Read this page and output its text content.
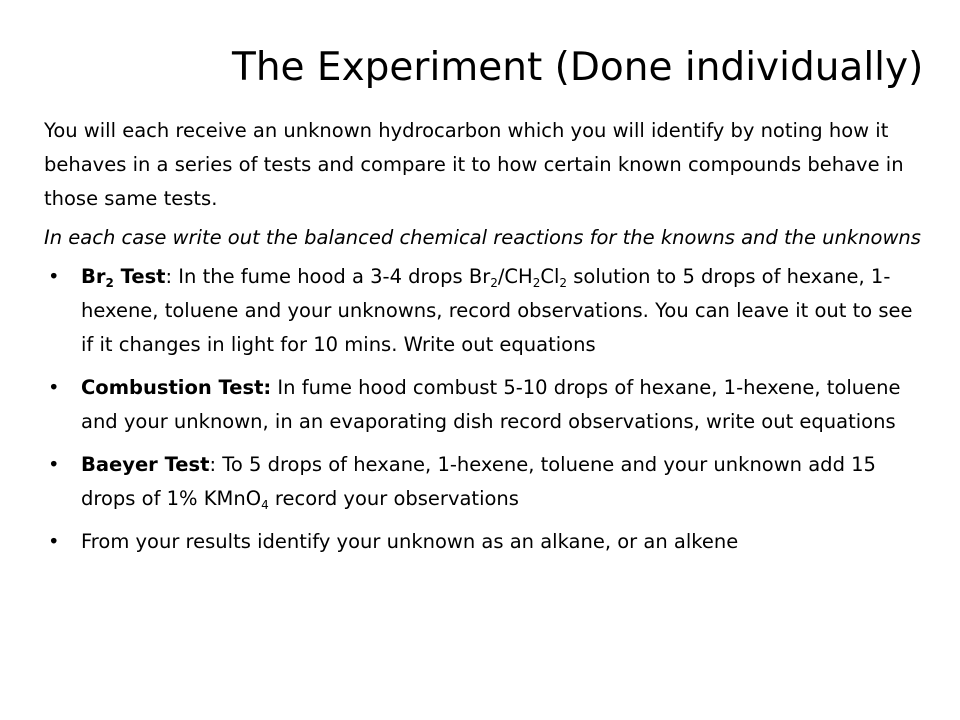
The Experiment (Done individually)

You will each receive an unknown hydrocarbon which you will identify by noting how it behaves in a series of tests and compare it to how certain known compounds behave in those same tests.

In each case write out the balanced chemical reactions for the knowns and the unknowns

• $Br_2$ Test: In the fume hood a 3-4 drops $Br_2/CH_2Cl_2$ solution to 5 drops of hexane, 1-hexene, toluene and your unknowns, record observations. You can leave it out to see if it changes in light for 10 mins. Write out equations
• Combustion Test: In fume hood combust 5-10 drops of hexane, 1-hexene, toluene and your unknown, in an evaporating dish record observations, write out equations
• Baeyer Test: To 5 drops of hexane, 1-hexene, toluene and your unknown add 15 drops of 1% KMnO$_4$ record your observations
• From your results identify your unknown as an alkane, or an alkene
